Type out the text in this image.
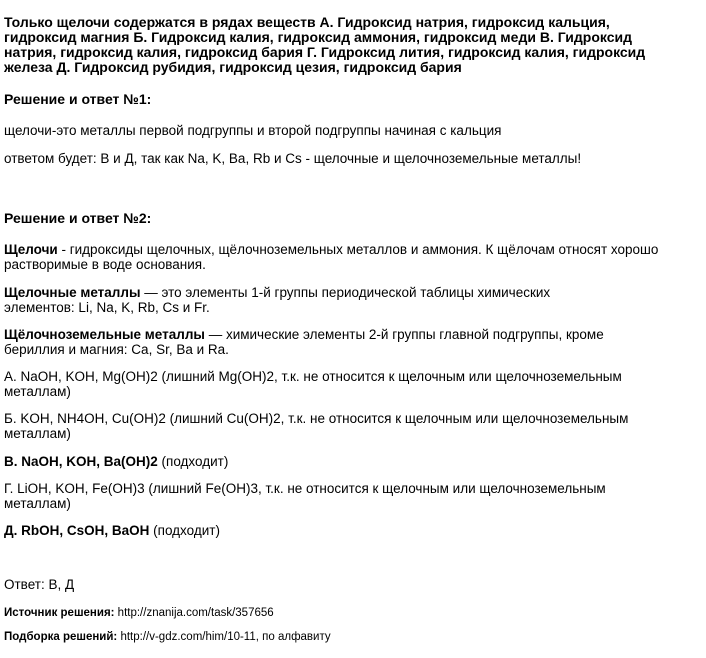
Только щелочи содержатся в рядах веществ А. Гидроксид натрия, гидроксид кальция, гидроксид магния Б. Гидроксид калия, гидроксид аммония, гидроксид меди В. Гидроксид натрия, гидроксид калия, гидроксид бария Г. Гидроксид лития, гидроксид калия, гидроксид железа Д. Гидроксид рубидия, гидроксид цезия, гидроксид бария

Решение и ответ №1:

щелочи-это металлы первой подгруппы и второй подгруппы начиная с кальция

ответом будет: В и Д, так как Na, K, Ba, Rb и Cs - щелочные и щелочноземельные металлы!

Решение и ответ №2:

Щелочи - гидроксиды щелочных, щёлочноземельных металлов и аммония. К щёлочам относят хорошо растворимые в воде основания.

Щелочные металлы — это элементы 1-й группы периодической таблицы химических элементов: Li, Na, K, Rb, Cs и Fr.

Щёлочноземельные металлы — химические элементы 2-й группы главной подгруппы, кроме бериллия и магния: Ca, Sr, Ba и Ra.

А. NaOH, KOH, Mg(OH)2 (лишний Mg(OH)2, т.к. не относится к щелочным или щелочноземельным металлам)

Б. KOH, NH4OH, Cu(OH)2 (лишний Cu(OH)2, т.к. не относится к щелочным или щелочноземельным металлам)

В. NaOH, KOH, Ba(OH)2 (подходит)

Г. LiOH, KOH, Fe(OH)3 (лишний Fe(OH)3, т.к. не относится к щелочным или щелочноземельным металлам)

Д. RbOH, CsOH, BaOH (подходит)

Ответ: В, Д

Источник решения: http://znanija.com/task/357656

Подборка решений: http://v-gdz.com/him/10-11, по алфавиту
